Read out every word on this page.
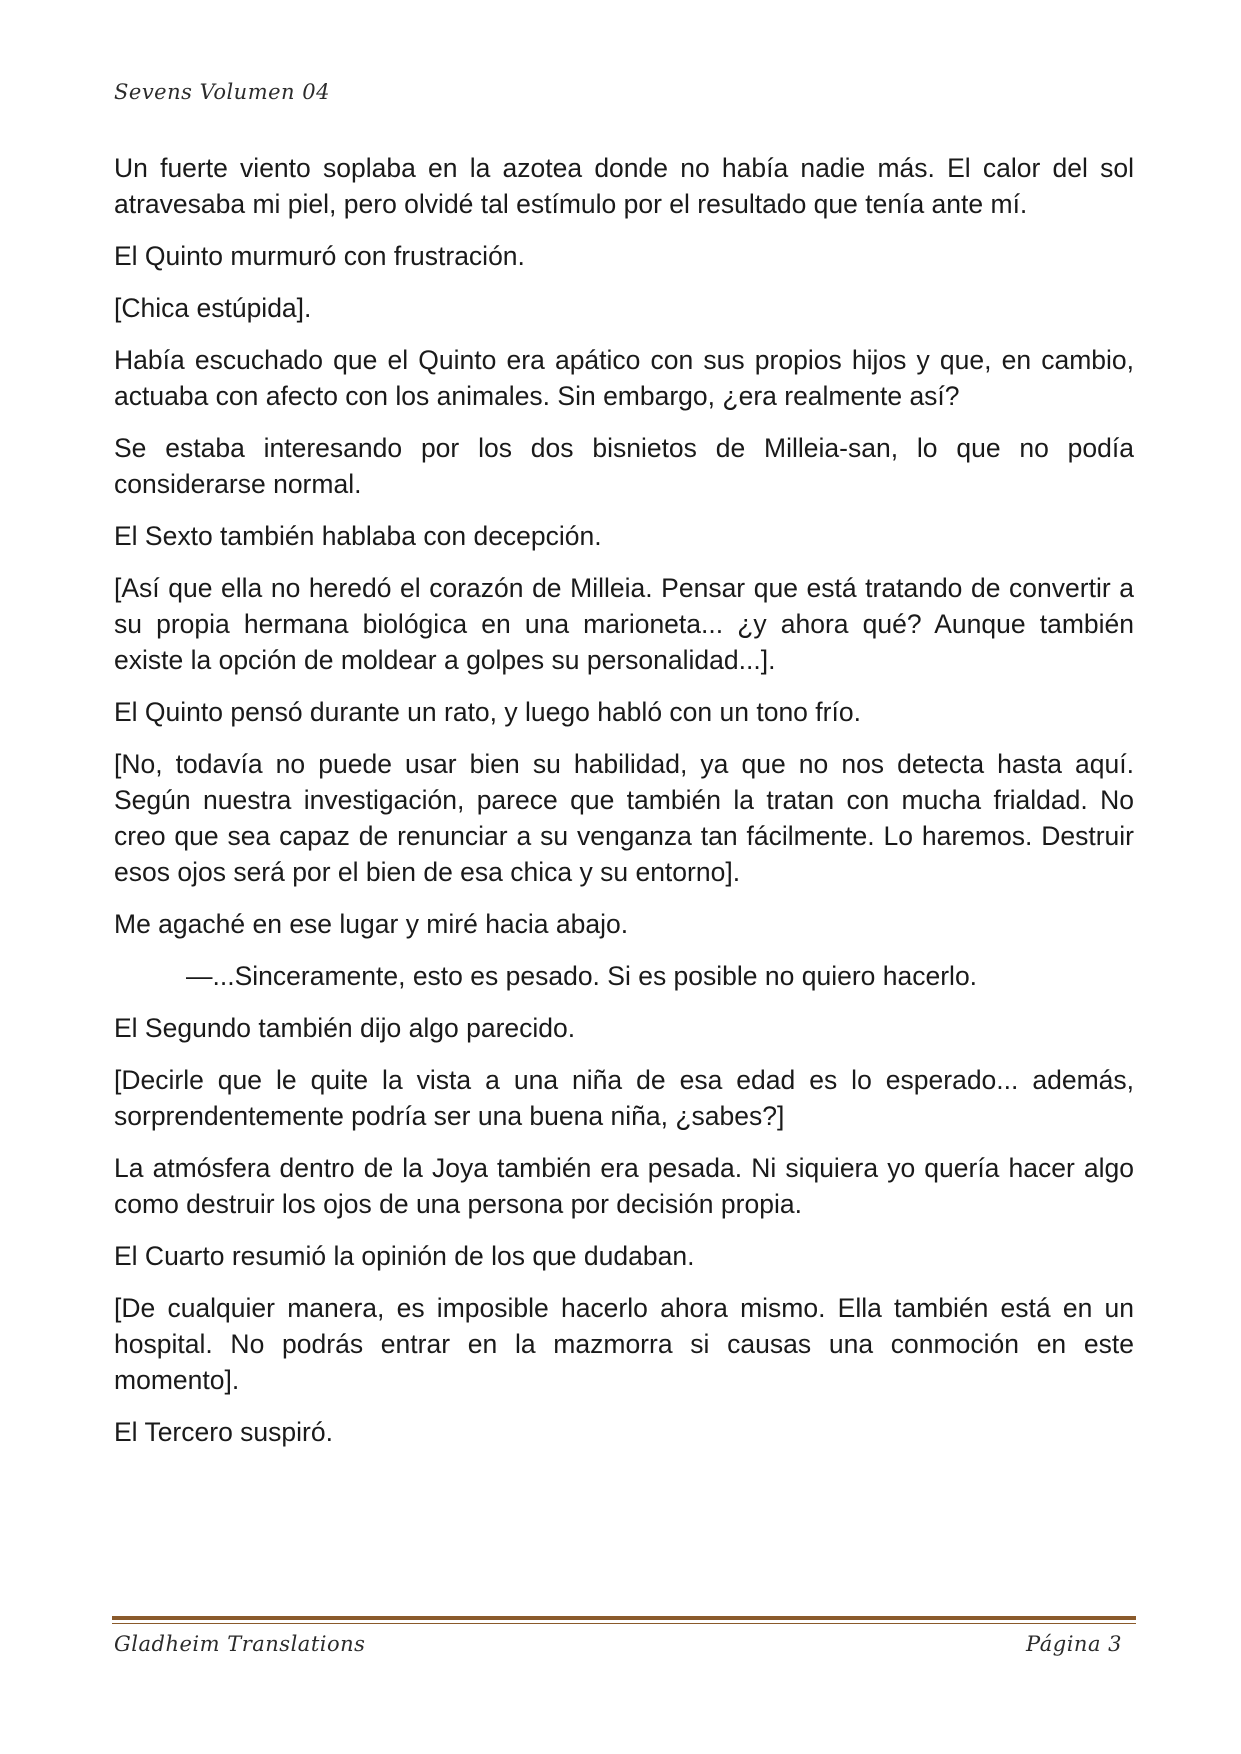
Sevens Volumen 04

Un fuerte viento soplaba en la azotea donde no había nadie más. El calor del sol atravesaba mi piel, pero olvidé tal estímulo por el resultado que tenía ante mí.

El Quinto murmuró con frustración.

[Chica estúpida].

Había escuchado que el Quinto era apático con sus propios hijos y que, en cambio, actuaba con afecto con los animales. Sin embargo, ¿era realmente así?

Se estaba interesando por los dos bisnietos de Milleia-san, lo que no podía considerarse normal.

El Sexto también hablaba con decepción.

[Así que ella no heredó el corazón de Milleia. Pensar que está tratando de convertir a su propia hermana biológica en una marioneta... ¿y ahora qué? Aunque también existe la opción de moldear a golpes su personalidad...].

El Quinto pensó durante un rato, y luego habló con un tono frío.

[No, todavía no puede usar bien su habilidad, ya que no nos detecta hasta aquí. Según nuestra investigación, parece que también la tratan con mucha frialdad. No creo que sea capaz de renunciar a su venganza tan fácilmente. Lo haremos. Destruir esos ojos será por el bien de esa chica y su entorno].

Me agaché en ese lugar y miré hacia abajo.

—...Sinceramente, esto es pesado. Si es posible no quiero hacerlo.

El Segundo también dijo algo parecido.

[Decirle que le quite la vista a una niña de esa edad es lo esperado... además, sorprendentemente podría ser una buena niña, ¿sabes?]

La atmósfera dentro de la Joya también era pesada. Ni siquiera yo quería hacer algo como destruir los ojos de una persona por decisión propia.

El Cuarto resumió la opinión de los que dudaban.

[De cualquier manera, es imposible hacerlo ahora mismo. Ella también está en un hospital. No podrás entrar en la mazmorra si causas una conmoción en este momento].

El Tercero suspiró.

Gladheim Translations	Página 3
